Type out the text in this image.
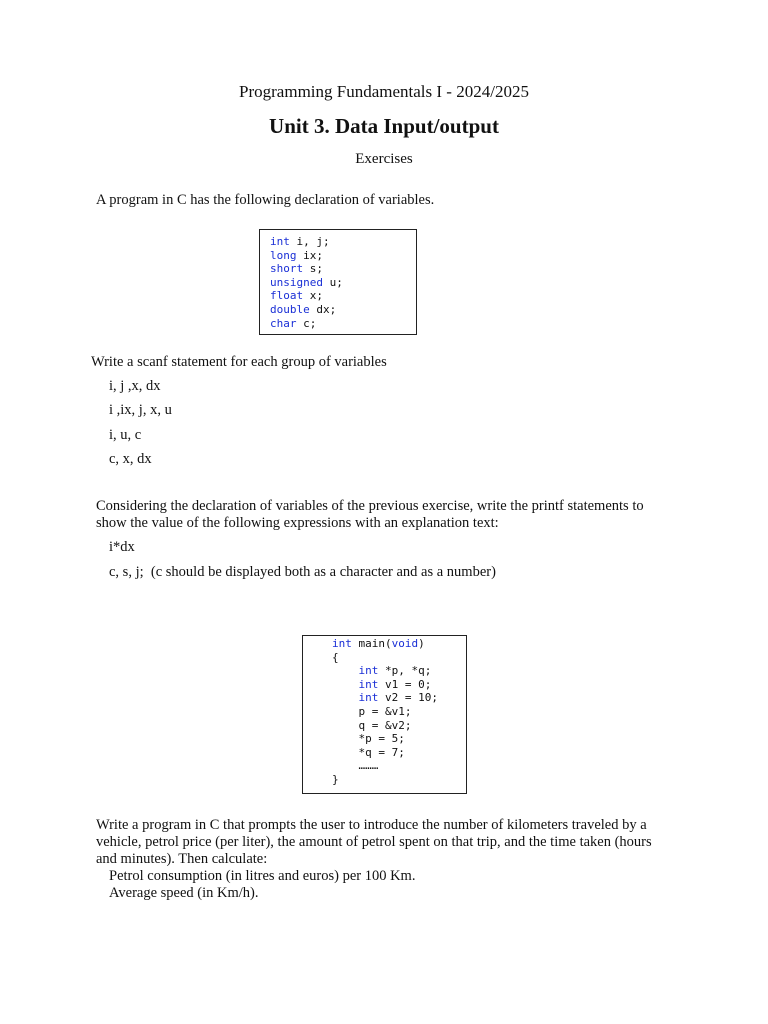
Programming Fundamentals I - 2024/2025
Unit 3. Data Input/output
Exercises
A program in C has the following declaration of variables.
int i, j;
long ix;
short s;
unsigned u;
float x;
double dx;
char c;
Write a scanf statement for each group of variables
i, j ,x, dx
i ,ix, j, x, u
i, u, c
c, x, dx
Considering the declaration of variables of the previous exercise, write the printf statements to
show the value of the following expressions with an explanation text:
i*dx
c, s, j;  (c should be displayed both as a character and as a number)
int main(void)
{
int *p, *q;
int v1 = 0;
int v2 = 10;
p = &v1;
q = &v2;
*p = 5;
*q = 7;
………
}
Write a program in C that prompts the user to introduce the number of kilometers traveled by a
vehicle, petrol price (per liter), the amount of petrol spent on that trip, and the time taken (hours
and minutes). Then calculate:
Petrol consumption (in litres and euros) per 100 Km.
Average speed (in Km/h).
